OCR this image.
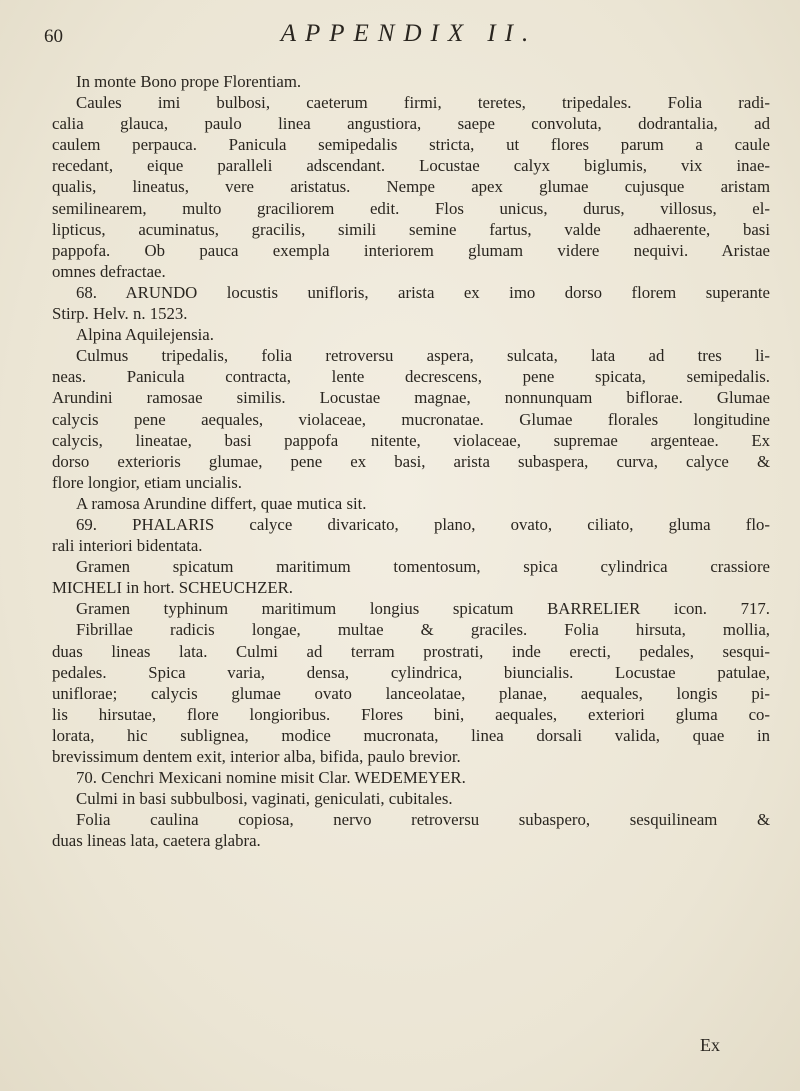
60	APPENDIX II.
In monte Bono prope Florentiam.
Caules imi bulbosi, caeterum firmi, teretes, tripedales. Folia radi-
calia glauca, paulo linea angustiora, saepe convoluta, dodrantalia, ad
caulem perpauca. Panicula semipedalis stricta, ut flores parum a caule
recedant, eique paralleli adscendant. Locustae calyx biglumis, vix inae-
qualis, lineatus, vere aristatus. Nempe apex glumae cujusque aristam
semilinearem, multo graciliorem edit. Flos unicus, durus, villosus, el-
lipticus, acuminatus, gracilis, simili semine fartus, valde adhaerente, basi
pappofa. Ob pauca exempla interiorem glumam videre nequivi. Aristae
omnes defractae.
68. ARUNDO locustis unifloris, arista ex imo dorso florem superante
Stirp. Helv. n. 1523.
Alpina Aquilejensia.
Culmus tripedalis, folia retroversu aspera, sulcata, lata ad tres li-
neas. Panicula contracta, lente decrescens, pene spicata, semipedalis.
Arundini ramosae similis. Locustae magnae, nonnunquam biflorae. Glumae
calycis pene aequales, violaceae, mucronatae. Glumae florales longitudine
calycis, lineatae, basi pappofa nitente, violaceae, supremae argenteae. Ex
dorso exterioris glumae, pene ex basi, arista subaspera, curva, calyce &
flore longior, etiam uncialis.
A ramosa Arundine differt, quae mutica sit.
69. PHALARIS calyce divaricato, plano, ovato, ciliato, gluma flo-
rali interiori bidentata.
Gramen spicatum maritimum tomentosum, spica cylindrica crassiore
MICHELI in hort. SCHEUCHZER.
Gramen typhinum maritimum longius spicatum BARRELIER icon. 717.
Fibrillae radicis longae, multae & graciles. Folia hirsuta, mollia,
duas lineas lata. Culmi ad terram prostrati, inde erecti, pedales, sesqui-
pedales. Spica varia, densa, cylindrica, biuncialis. Locustae patulae,
uniflorae; calycis glumae ovato lanceolatae, planae, aequales, longis pi-
lis hirsutae, flore longioribus. Flores bini, aequales, exteriori gluma co-
lorata, hic sublignea, modice mucronata, linea dorsali valida, quae in
brevissimum dentem exit, interior alba, bifida, paulo brevior.
70. Cenchri Mexicani nomine misit Clar. WEDEMEYER.
Culmi in basi subbulbosi, vaginati, geniculati, cubitales.
Folia caulina copiosa, nervo retroversu subaspero, sesquilineam &
duas lineas lata, caetera glabra.
Ex
